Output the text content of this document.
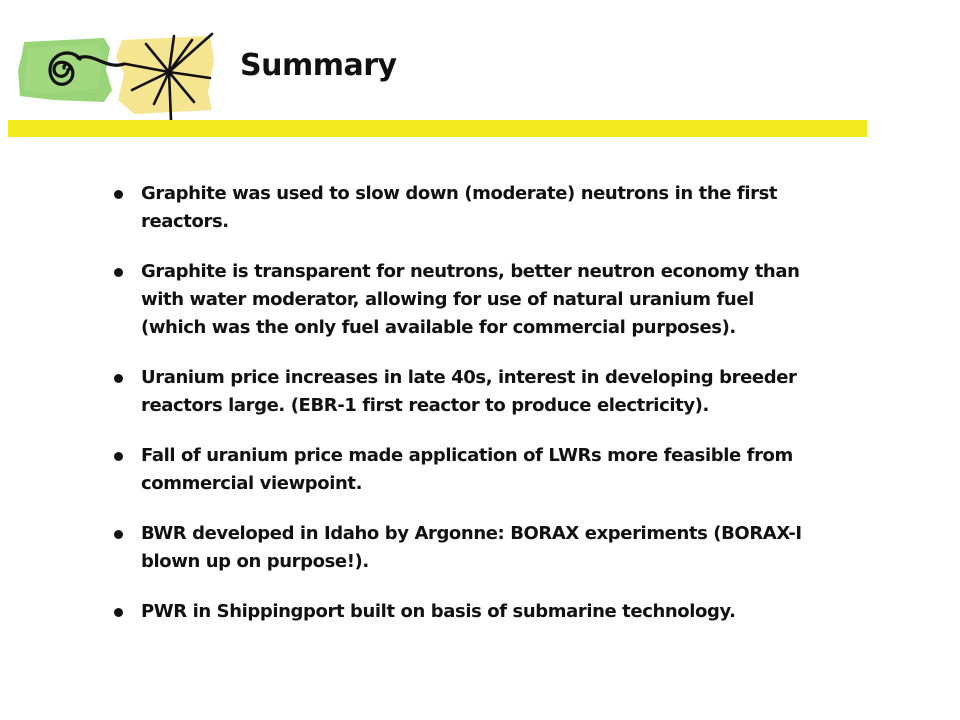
Summary
Graphite was used to slow down (moderate) neutrons in the first reactors.
Graphite is transparent for neutrons, better neutron economy than with water moderator, allowing for use of natural uranium fuel (which was the only fuel available for commercial purposes).
Uranium price increases in late 40s, interest in developing breeder reactors large. (EBR-1 first reactor to produce electricity).
Fall of uranium price made application of LWRs more feasible from commercial viewpoint.
BWR developed in Idaho by Argonne: BORAX experiments (BORAX-I blown up on purpose!).
PWR in Shippingport built on basis of submarine technology.
